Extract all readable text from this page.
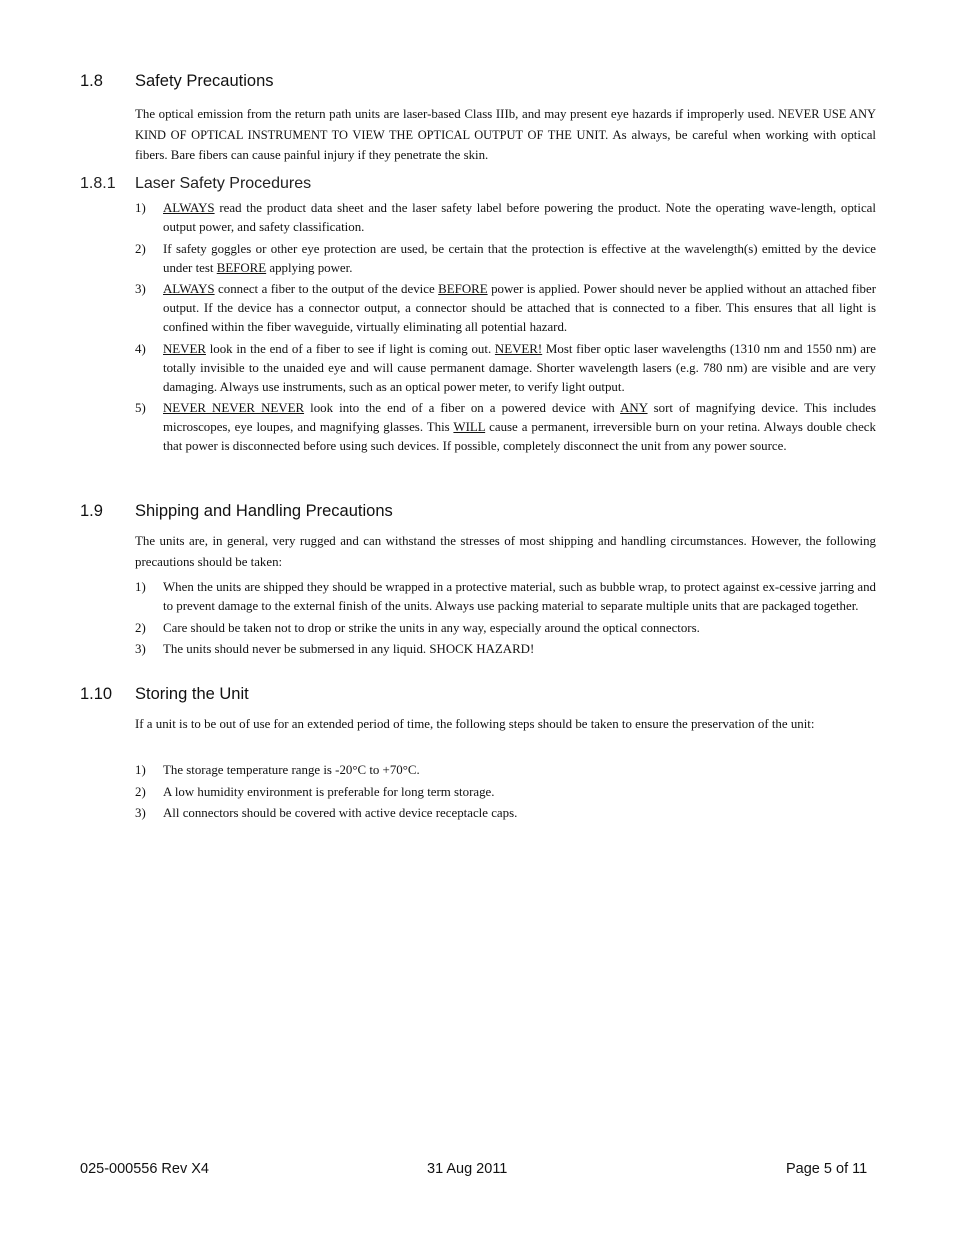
1.8 Safety Precautions
The optical emission from the return path units are laser-based Class IIIb, and may present eye hazards if improperly used. NEVER USE ANY KIND OF OPTICAL INSTRUMENT TO VIEW THE OPTICAL OUTPUT OF THE UNIT. As always, be careful when working with optical fibers. Bare fibers can cause painful injury if they penetrate the skin.
1.8.1 Laser Safety Procedures
1) ALWAYS read the product data sheet and the laser safety label before powering the product. Note the operating wave-length, optical output power, and safety classification.
2) If safety goggles or other eye protection are used, be certain that the protection is effective at the wavelength(s) emitted by the device under test BEFORE applying power.
3) ALWAYS connect a fiber to the output of the device BEFORE power is applied. Power should never be applied without an attached fiber output. If the device has a connector output, a connector should be attached that is connected to a fiber. This ensures that all light is confined within the fiber waveguide, virtually eliminating all potential hazard.
4) NEVER look in the end of a fiber to see if light is coming out. NEVER! Most fiber optic laser wavelengths (1310 nm and 1550 nm) are totally invisible to the unaided eye and will cause permanent damage. Shorter wavelength lasers (e.g. 780 nm) are visible and are very damaging. Always use instruments, such as an optical power meter, to verify light output.
5) NEVER NEVER NEVER look into the end of a fiber on a powered device with ANY sort of magnifying device. This includes microscopes, eye loupes, and magnifying glasses. This WILL cause a permanent, irreversible burn on your retina. Always double check that power is disconnected before using such devices. If possible, completely disconnect the unit from any power source.
1.9 Shipping and Handling Precautions
The units are, in general, very rugged and can withstand the stresses of most shipping and handling circumstances. However, the following precautions should be taken:
1) When the units are shipped they should be wrapped in a protective material, such as bubble wrap, to protect against ex-cessive jarring and to prevent damage to the external finish of the units. Always use packing material to separate multiple units that are packaged together.
2) Care should be taken not to drop or strike the units in any way, especially around the optical connectors.
3) The units should never be submersed in any liquid. SHOCK HAZARD!
1.10 Storing the Unit
If a unit is to be out of use for an extended period of time, the following steps should be taken to ensure the preservation of the unit:
1) The storage temperature range is -20°C to +70°C.
2) A low humidity environment is preferable for long term storage.
3) All connectors should be covered with active device receptacle caps.
025-000556 Rev X4	31 Aug 2011	Page 5 of 11
